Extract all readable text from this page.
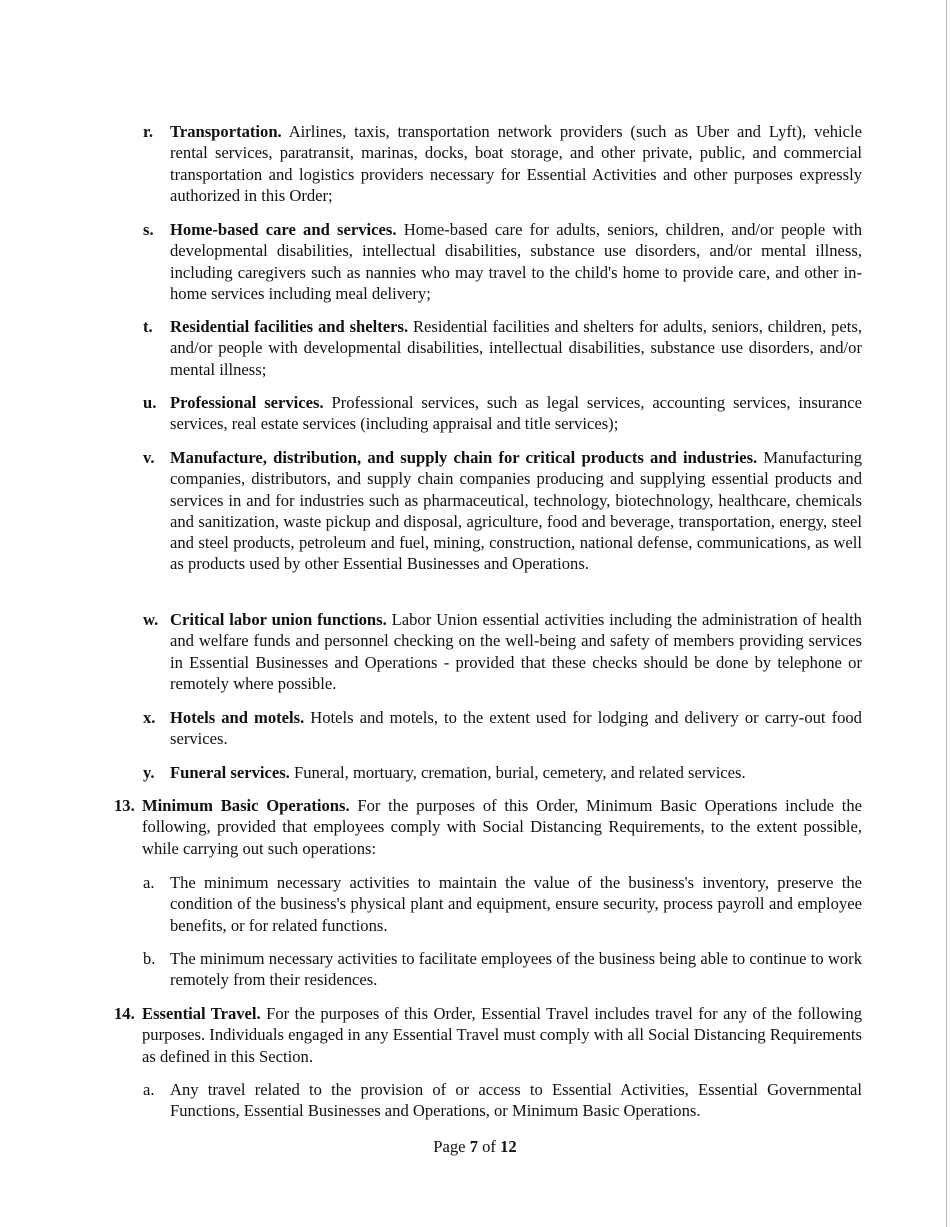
r.	Transportation. Airlines, taxis, transportation network providers (such as Uber and Lyft), vehicle rental services, paratransit, marinas, docks, boat storage, and other private, public, and commercial transportation and logistics providers necessary for Essential Activities and other purposes expressly authorized in this Order;

s. Home-based care and services. Home-based care for adults, seniors, children, and/or people with developmental disabilities, intellectual disabilities, substance use disorders, and/or mental illness, including caregivers such as nannies who may travel to the child's home to provide care, and other in-home services including meal delivery;

t.	Residential facilities and shelters. Residential facilities and shelters for adults, seniors, children, pets, and/or people with developmental disabilities, intellectual disabilities, substance use disorders, and/or mental illness;

u. Professional services. Professional services, such as legal services, accounting services, insurance services, real estate services (including appraisal and title services);

v. Manufacture, distribution, and supply chain for critical products and industries. Manufacturing companies, distributors, and supply chain companies producing and supplying essential products and services in and for industries such as pharmaceutical, technology, biotechnology, healthcare, chemicals and sanitization, waste pickup and disposal, agriculture, food and beverage, transportation, energy, steel and steel products, petroleum and fuel, mining, construction, national defense, communications, as well as products used by other Essential Businesses and Operations.

w. Critical labor union functions. Labor Union essential activities including the administration of health and welfare funds and personnel checking on the well-being and safety of members providing services in Essential Businesses and Operations - provided that these checks should be done by telephone or remotely where possible.

x. Hotels and motels. Hotels and motels, to the extent used for lodging and delivery or carry-out food services.

y. Funeral services. Funeral, mortuary, cremation, burial, cemetery, and related services.

13. Minimum Basic Operations. For the purposes of this Order, Minimum Basic Operations include the following, provided that employees comply with Social Distancing Requirements, to the extent possible, while carrying out such operations:

a. The minimum necessary activities to maintain the value of the business's inventory, preserve the condition of the business's physical plant and equipment, ensure security, process payroll and employee benefits, or for related functions.

b. The minimum necessary activities to facilitate employees of the business being able to continue to work remotely from their residences.

14. Essential Travel. For the purposes of this Order, Essential Travel includes travel for any of the following purposes. Individuals engaged in any Essential Travel must comply with all Social Distancing Requirements as defined in this Section.

a. Any travel related to the provision of or access to Essential Activities, Essential Governmental Functions, Essential Businesses and Operations, or Minimum Basic Operations.

Page 7 of 12
